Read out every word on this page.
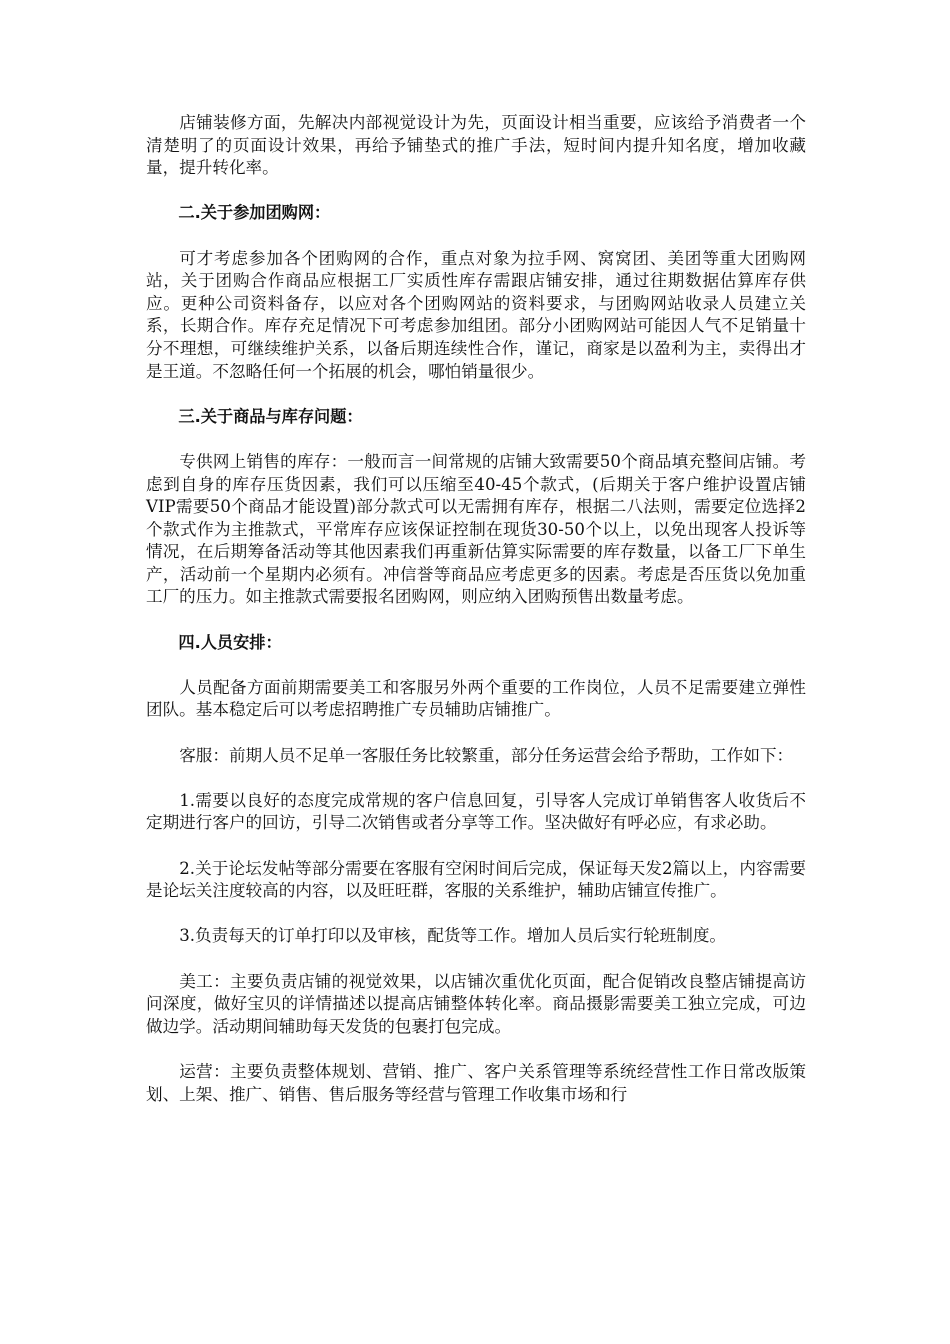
店铺装修方面，先解决内部视觉设计为先，页面设计相当重要，应该给予消费者一个清楚明了的页面设计效果，再给予铺垫式的推广手法，短时间内提升知名度，增加收藏量，提升转化率。

二.关于参加团购网：

可才考虑参加各个团购网的合作，重点对象为拉手网、窝窝团、美团等重大团购网站，关于团购合作商品应根据工厂实质性库存需跟店铺安排，通过往期数据估算库存供应。更种公司资料备存，以应对各个团购网站的资料要求，与团购网站收录人员建立关系，长期合作。库存充足情况下可考虑参加组团。部分小团购网站可能因人气不足销量十分不理想，可继续维护关系，以备后期连续性合作，谨记，商家是以盈利为主，卖得出才是王道。不忽略任何一个拓展的机会，哪怕销量很少。

三.关于商品与库存问题：

专供网上销售的库存：一般而言一间常规的店铺大致需要50个商品填充整间店铺。考虑到自身的库存压货因素，我们可以压缩至40-45个款式，(后期关于客户维护设置店铺VIP需要50个商品才能设置)部分款式可以无需拥有库存，根据二八法则，需要定位选择2个款式作为主推款式，平常库存应该保证控制在现货30-50个以上，以免出现客人投诉等情况，在后期筹备活动等其他因素我们再重新估算实际需要的库存数量，以备工厂下单生产，活动前一个星期内必须有。冲信誉等商品应考虑更多的因素。考虑是否压货以免加重工厂的压力。如主推款式需要报名团购网，则应纳入团购预售出数量考虑。

四.人员安排：

人员配备方面前期需要美工和客服另外两个重要的工作岗位，人员不足需要建立弹性团队。基本稳定后可以考虑招聘推广专员辅助店铺推广。

客服：前期人员不足单一客服任务比较繁重，部分任务运营会给予帮助，工作如下：

1.需要以良好的态度完成常规的客户信息回复，引导客人完成订单销售客人收货后不定期进行客户的回访，引导二次销售或者分享等工作。坚决做好有呼必应，有求必助。

2.关于论坛发帖等部分需要在客服有空闲时间后完成，保证每天发2篇以上，内容需要是论坛关注度较高的内容，以及旺旺群，客服的关系维护，辅助店铺宣传推广。

3.负责每天的订单打印以及审核，配货等工作。增加人员后实行轮班制度。

美工：主要负责店铺的视觉效果，以店铺次重优化页面，配合促销改良整店铺提高访问深度，做好宝贝的详情描述以提高店铺整体转化率。商品摄影需要美工独立完成，可边做边学。活动期间辅助每天发货的包裹打包完成。

运营：主要负责整体规划、营销、推广、客户关系管理等系统经营性工作日常改版策划、上架、推广、销售、售后服务等经营与管理工作收集市场和行
